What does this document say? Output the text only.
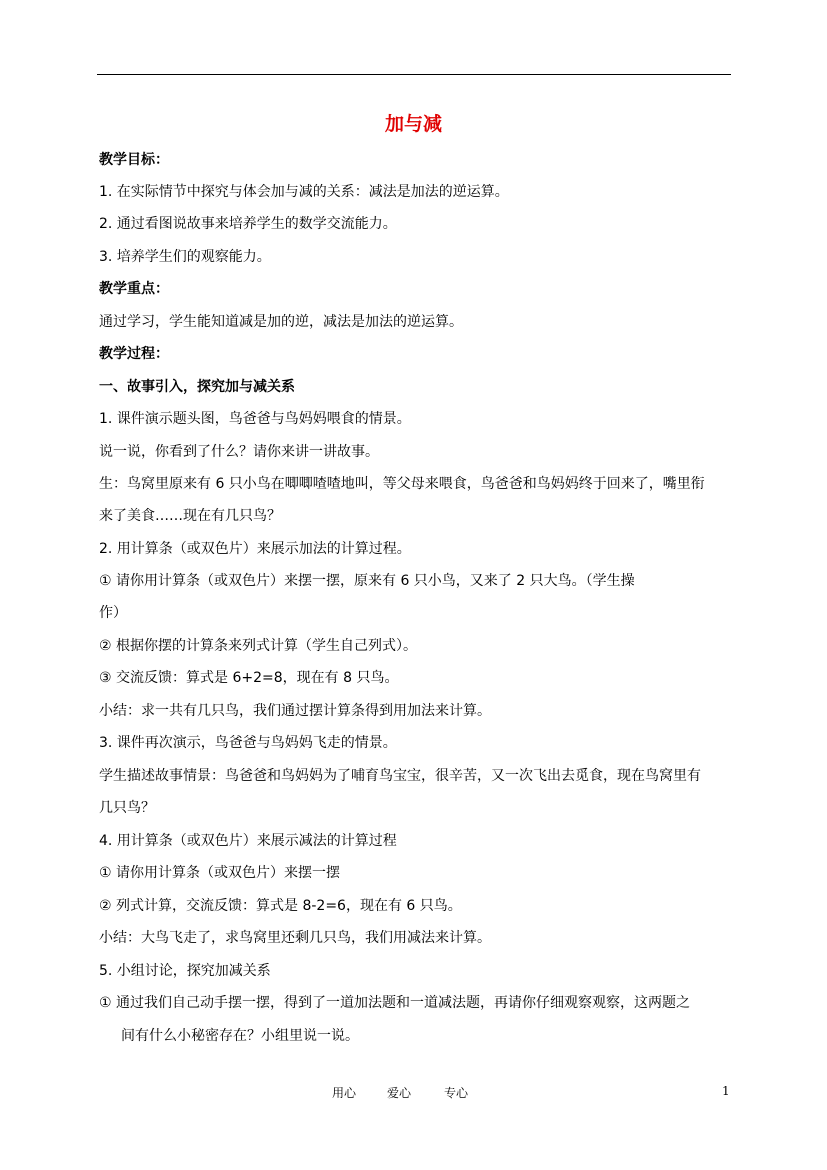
加与减
教学目标：
1. 在实际情节中探究与体会加与减的关系：减法是加法的逆运算。
2. 通过看图说故事来培养学生的数学交流能力。
3. 培养学生们的观察能力。
教学重点：
通过学习，学生能知道减是加的逆，减法是加法的逆运算。
教学过程：
一、故事引入，探究加与减关系
1. 课件演示题头图，鸟爸爸与鸟妈妈喂食的情景。
说一说，你看到了什么？请你来讲一讲故事。
生：鸟窝里原来有 6 只小鸟在唧唧喳喳地叫，等父母来喂食，鸟爸爸和鸟妈妈终于回来了，嘴里衔
来了美食……现在有几只鸟？
2. 用计算条（或双色片）来展示加法的计算过程。
① 请你用计算条（或双色片）来摆一摆，原来有 6 只小鸟，又来了 2 只大鸟。（学生操
作）
② 根据你摆的计算条来列式计算（学生自己列式）。
③ 交流反馈：算式是 6+2=8，现在有 8 只鸟。
小结：求一共有几只鸟，我们通过摆计算条得到用加法来计算。
3. 课件再次演示，鸟爸爸与鸟妈妈飞走的情景。
学生描述故事情景：鸟爸爸和鸟妈妈为了哺育鸟宝宝，很辛苦，又一次飞出去觅食，现在鸟窝里有
几只鸟？
4. 用计算条（或双色片）来展示减法的计算过程
① 请你用计算条（或双色片）来摆一摆
② 列式计算，交流反馈：算式是 8-2=6，现在有 6 只鸟。
小结：大鸟飞走了，求鸟窝里还剩几只鸟，我们用减法来计算。
5. 小组讨论，探究加减关系
① 通过我们自己动手摆一摆，得到了一道加法题和一道减法题，再请你仔细观察观察，这两题之
间有什么小秘密存在？小组里说一说。
用心	爱心	专心	1
